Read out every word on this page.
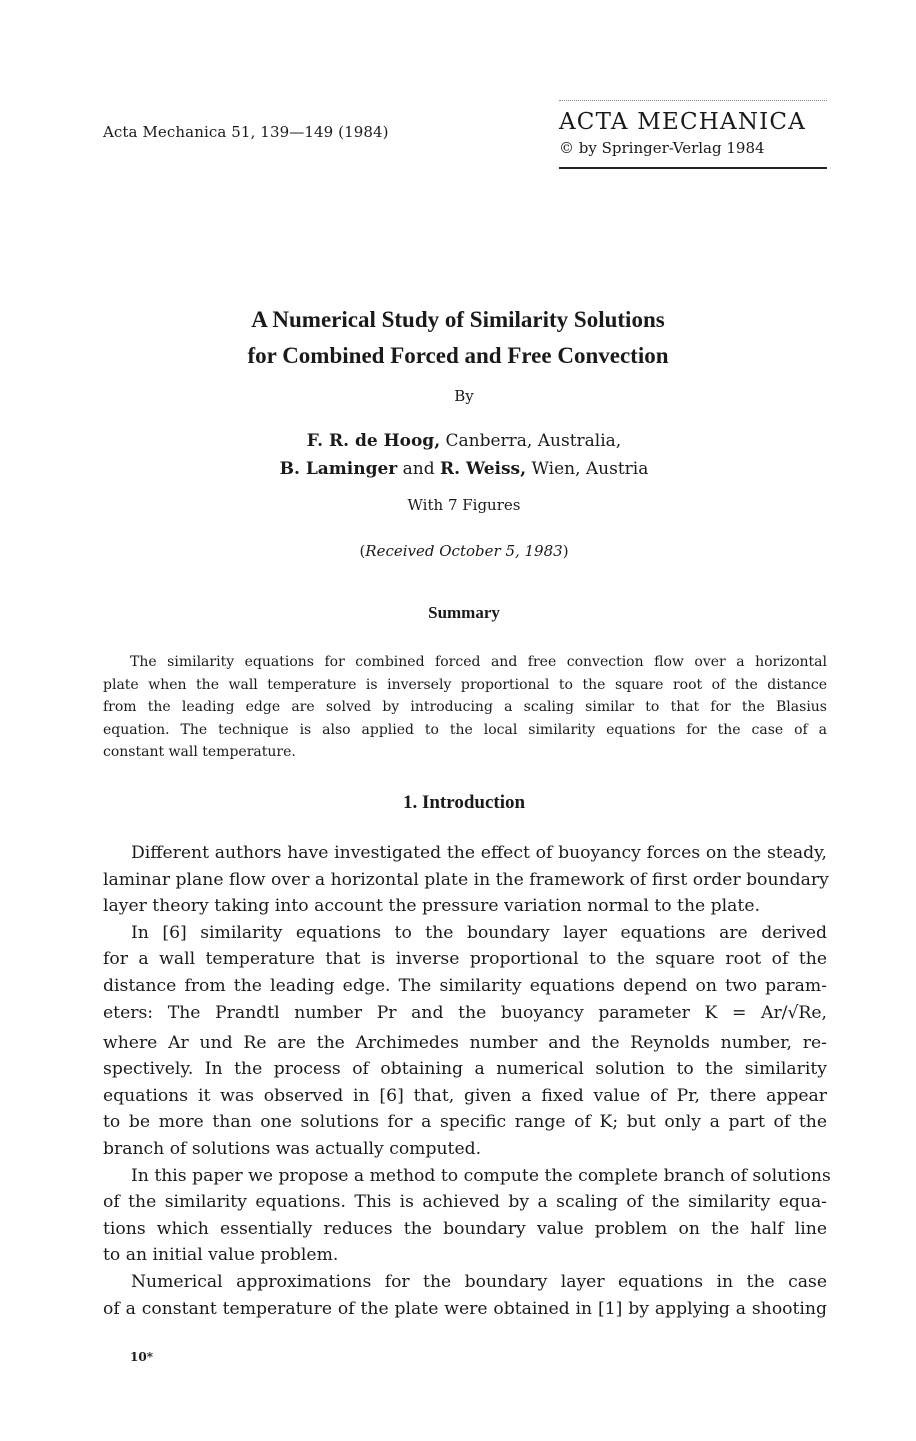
Acta Mechanica 51, 139—149 (1984)	ACTA MECHANICA
© by Springer-Verlag 1984
A Numerical Study of Similarity Solutions
for Combined Forced and Free Convection
By
F. R. de Hoog, Canberra, Australia,
B. Laminger and R. Weiss, Wien, Austria
With 7 Figures
(Received October 5, 1983)
Summary
The similarity equations for combined forced and free convection flow over a horizontal
plate when the wall temperature is inversely proportional to the square root of the distance
from the leading edge are solved by introducing a scaling similar to that for the Blasius
equation. The technique is also applied to the local similarity equations for the case of a
constant wall temperature.
1. Introduction
Different authors have investigated the effect of buoyancy forces on the steady,
laminar plane flow over a horizontal plate in the framework of first order boundary
layer theory taking into account the pressure variation normal to the plate.
In [6] similarity equations to the boundary layer equations are derived
for a wall temperature that is inverse proportional to the square root of the
distance from the leading edge. The similarity equations depend on two param-
eters: The Prandtl number Pr and the buoyancy parameter K = Ar/√Re,
where Ar und Re are the Archimedes number and the Reynolds number, re-
spectively. In the process of obtaining a numerical solution to the similarity
equations it was observed in [6] that, given a fixed value of Pr, there appear
to be more than one solutions for a specific range of K; but only a part of the
branch of solutions was actually computed.
In this paper we propose a method to compute the complete branch of solutions
of the similarity equations. This is achieved by a scaling of the similarity equa-
tions which essentially reduces the boundary value problem on the half line
to an initial value problem.
Numerical approximations for the boundary layer equations in the case
of a constant temperature of the plate were obtained in [1] by applying a shooting
10*
